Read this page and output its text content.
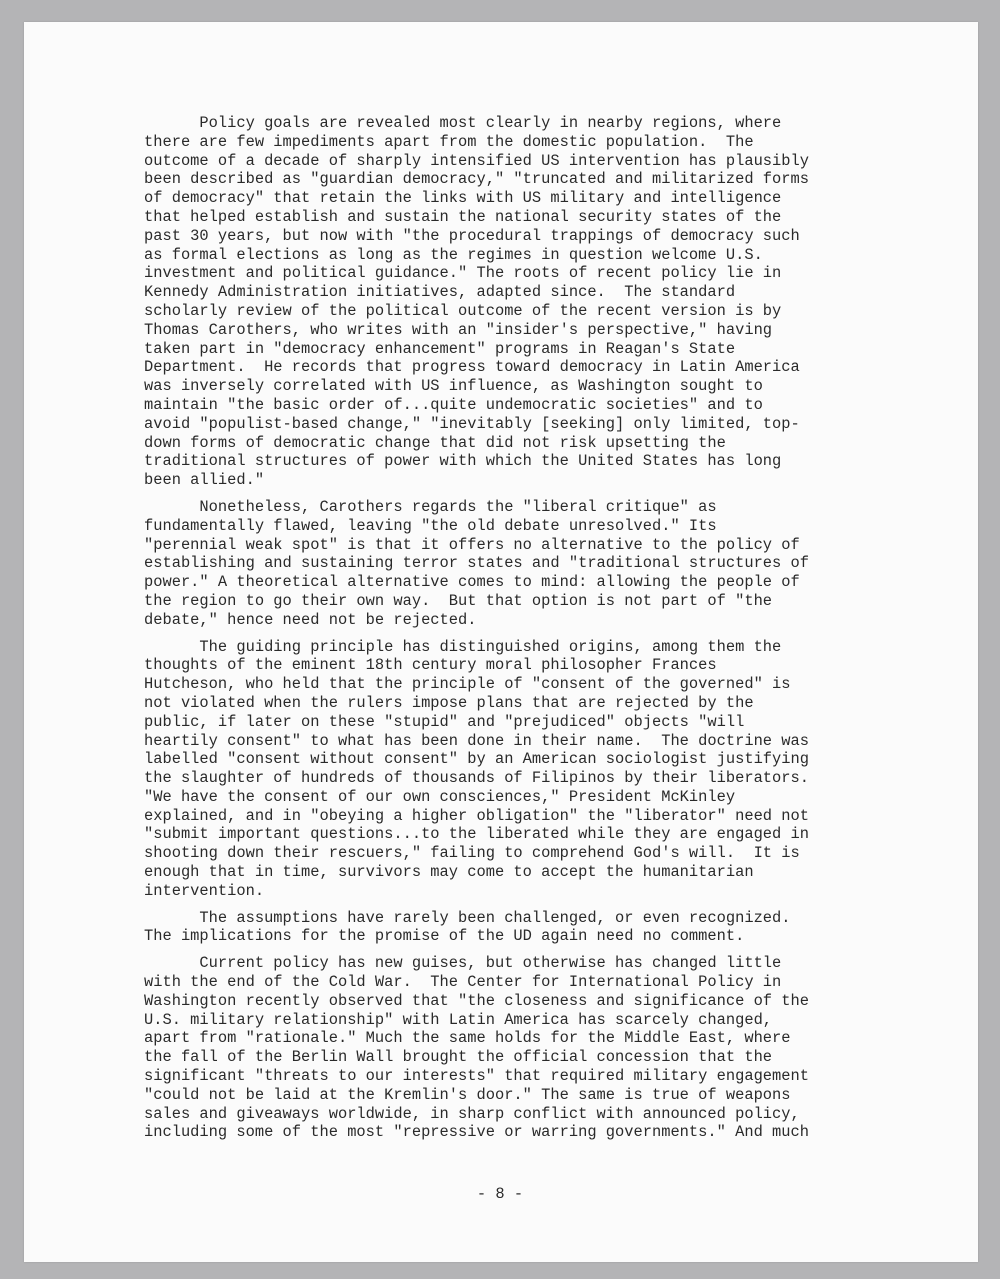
Policy goals are revealed most clearly in nearby regions, where
there are few impediments apart from the domestic population.  The
outcome of a decade of sharply intensified US intervention has plausibly
been described as "guardian democracy," "truncated and militarized forms
of democracy" that retain the links with US military and intelligence
that helped establish and sustain the national security states of the
past 30 years, but now with "the procedural trappings of democracy such
as formal elections as long as the regimes in question welcome U.S.
investment and political guidance." The roots of recent policy lie in
Kennedy Administration initiatives, adapted since.  The standard
scholarly review of the political outcome of the recent version is by
Thomas Carothers, who writes with an "insider's perspective," having
taken part in "democracy enhancement" programs in Reagan's State
Department.  He records that progress toward democracy in Latin America
was inversely correlated with US influence, as Washington sought to
maintain "the basic order of...quite undemocratic societies" and to
avoid "populist-based change," "inevitably [seeking] only limited, top-
down forms of democratic change that did not risk upsetting the
traditional structures of power with which the United States has long
been allied."
Nonetheless, Carothers regards the "liberal critique" as
fundamentally flawed, leaving "the old debate unresolved." Its
"perennial weak spot" is that it offers no alternative to the policy of
establishing and sustaining terror states and "traditional structures of
power." A theoretical alternative comes to mind: allowing the people of
the region to go their own way.  But that option is not part of "the
debate," hence need not be rejected.
The guiding principle has distinguished origins, among them the
thoughts of the eminent 18th century moral philosopher Frances
Hutcheson, who held that the principle of "consent of the governed" is
not violated when the rulers impose plans that are rejected by the
public, if later on these "stupid" and "prejudiced" objects "will
heartily consent" to what has been done in their name.  The doctrine was
labelled "consent without consent" by an American sociologist justifying
the slaughter of hundreds of thousands of Filipinos by their liberators.
"We have the consent of our own consciences," President McKinley
explained, and in "obeying a higher obligation" the "liberator" need not
"submit important questions...to the liberated while they are engaged in
shooting down their rescuers," failing to comprehend God's will.  It is
enough that in time, survivors may come to accept the humanitarian
intervention.
The assumptions have rarely been challenged, or even recognized.
The implications for the promise of the UD again need no comment.
Current policy has new guises, but otherwise has changed little
with the end of the Cold War.  The Center for International Policy in
Washington recently observed that "the closeness and significance of the
U.S. military relationship" with Latin America has scarcely changed,
apart from "rationale." Much the same holds for the Middle East, where
the fall of the Berlin Wall brought the official concession that the
significant "threats to our interests" that required military engagement
"could not be laid at the Kremlin's door." The same is true of weapons
sales and giveaways worldwide, in sharp conflict with announced policy,
including some of the most "repressive or warring governments." And much
- 8 -
